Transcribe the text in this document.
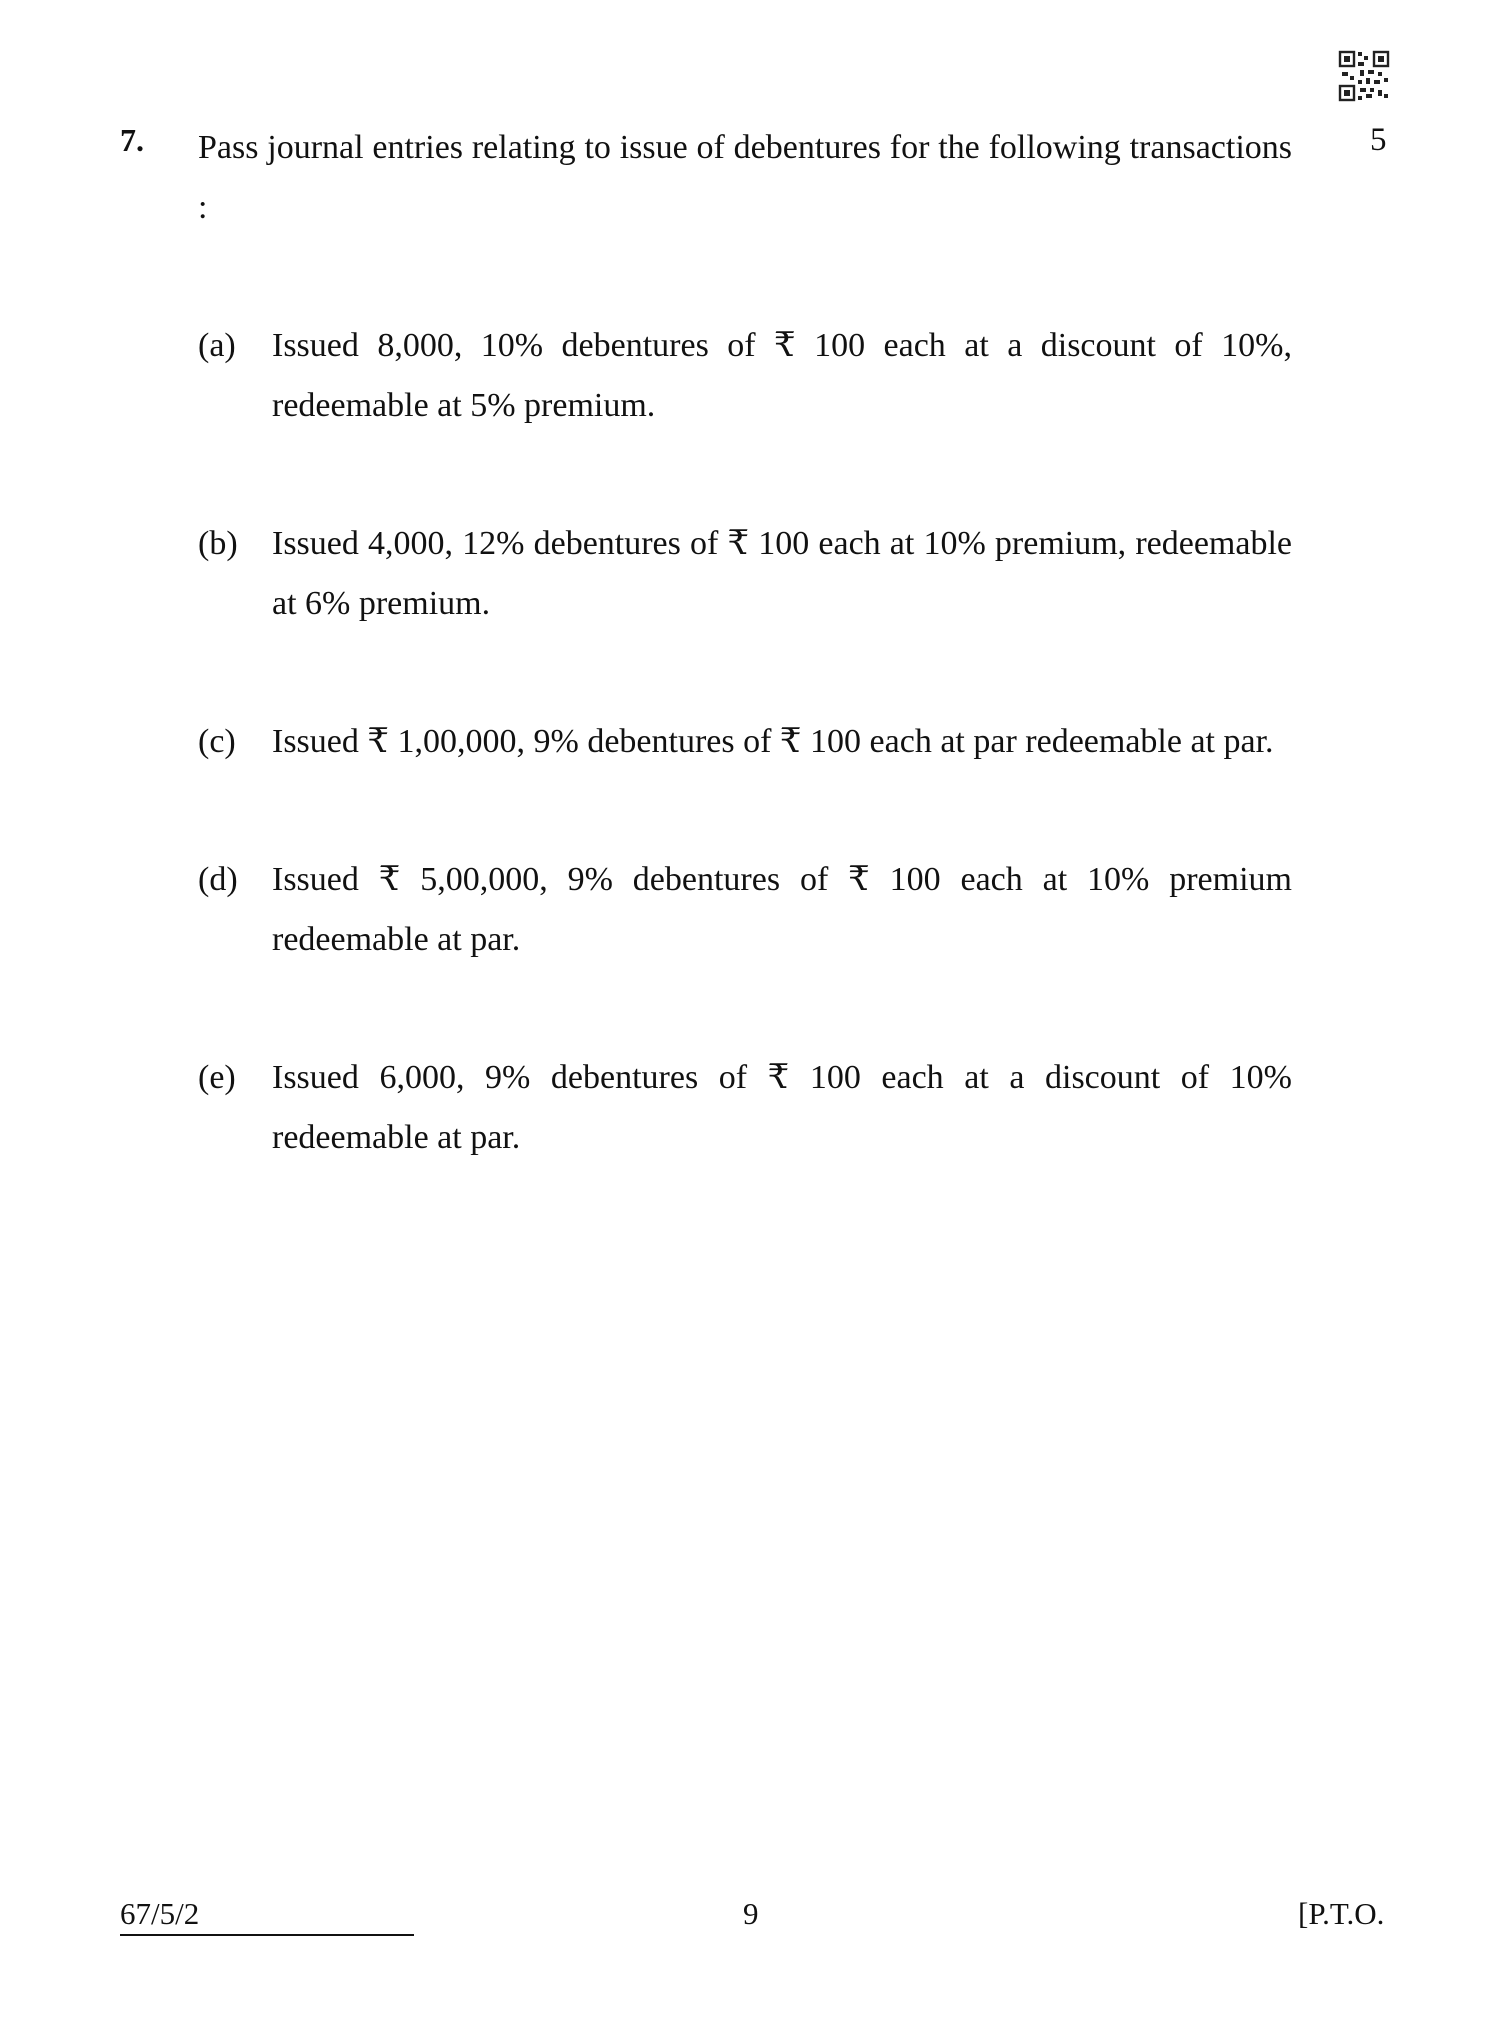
7. Pass journal entries relating to issue of debentures for the following transactions :
5
(a)	Issued 8,000, 10% debentures of ₹ 100 each at a discount of 10%, redeemable at 5% premium.
(b)	Issued 4,000, 12% debentures of ₹ 100 each at 10% premium, redeemable at 6% premium.
(c)	Issued ₹ 1,00,000, 9% debentures of ₹ 100 each at par redeemable at par.
(d)	Issued ₹ 5,00,000, 9% debentures of ₹ 100 each at 10% premium redeemable at par.
(e)	Issued 6,000, 9% debentures of ₹ 100 each at a discount of 10% redeemable at par.
67/5/2	9	[P.T.O.
